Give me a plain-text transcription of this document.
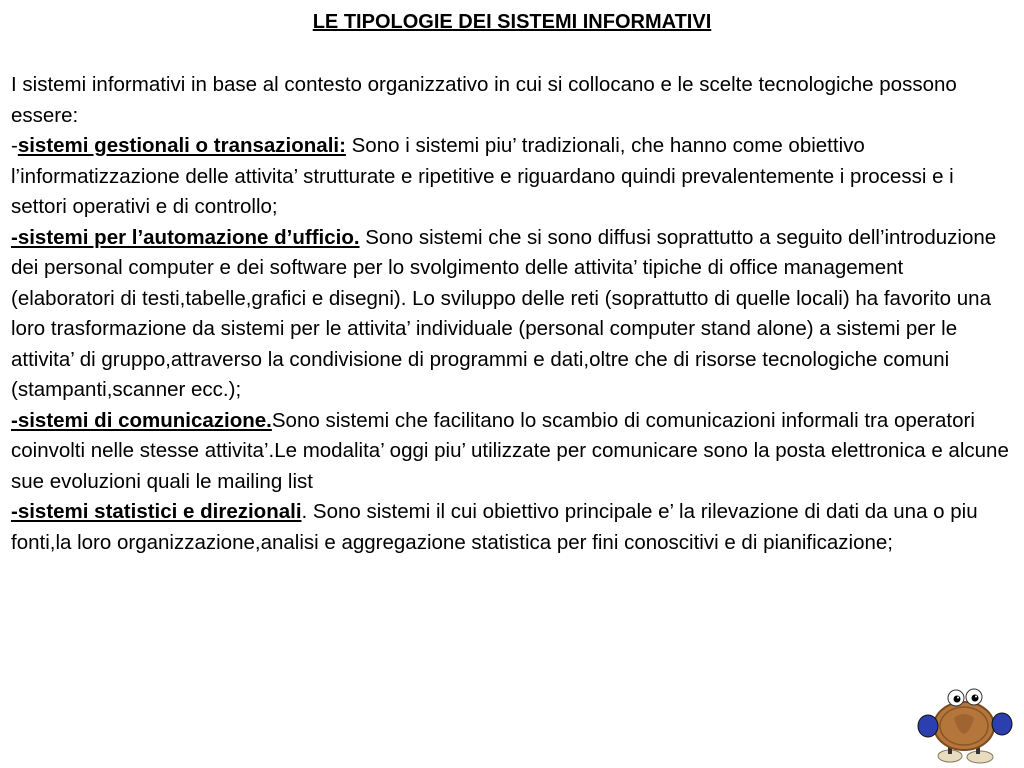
LE TIPOLOGIE DEI SISTEMI INFORMATIVI

I sistemi informativi in base al contesto organizzativo in cui si collocano e le scelte tecnologiche possono essere:

-sistemi gestionali o transazionali: Sono i sistemi piu’ tradizionali, che hanno come obiettivo l’informatizzazione delle attivita’ strutturate e ripetitive e riguardano quindi prevalentemente i processi e i settori operativi e di controllo;

-sistemi per l’automazione d’ufficio. Sono sistemi che si sono diffusi soprattutto a seguito dell’introduzione dei personal computer e dei software per lo svolgimento delle attivita’ tipiche di office management (elaboratori di testi,tabelle,grafici e disegni). Lo sviluppo delle reti (soprattutto di quelle locali) ha favorito una loro trasformazione da sistemi per le attivita’ individuale (personal computer stand alone) a sistemi per le attivita’ di gruppo,attraverso la condivisione di programmi e dati,oltre che di risorse tecnologiche comuni (stampanti,scanner ecc.);

-sistemi di comunicazione.Sono sistemi che facilitano lo scambio di comunicazioni informali tra operatori coinvolti nelle stesse attivita’.Le modalita’ oggi piu’ utilizzate per comunicare sono la posta elettronica e alcune sue evoluzioni quali le mailing list

-sistemi statistici e direzionali. Sono sistemi il cui obiettivo principale e’ la rilevazione di dati da una o piu fonti,la loro organizzazione,analisi e aggregazione statistica per fini conoscitivi e di pianificazione;
